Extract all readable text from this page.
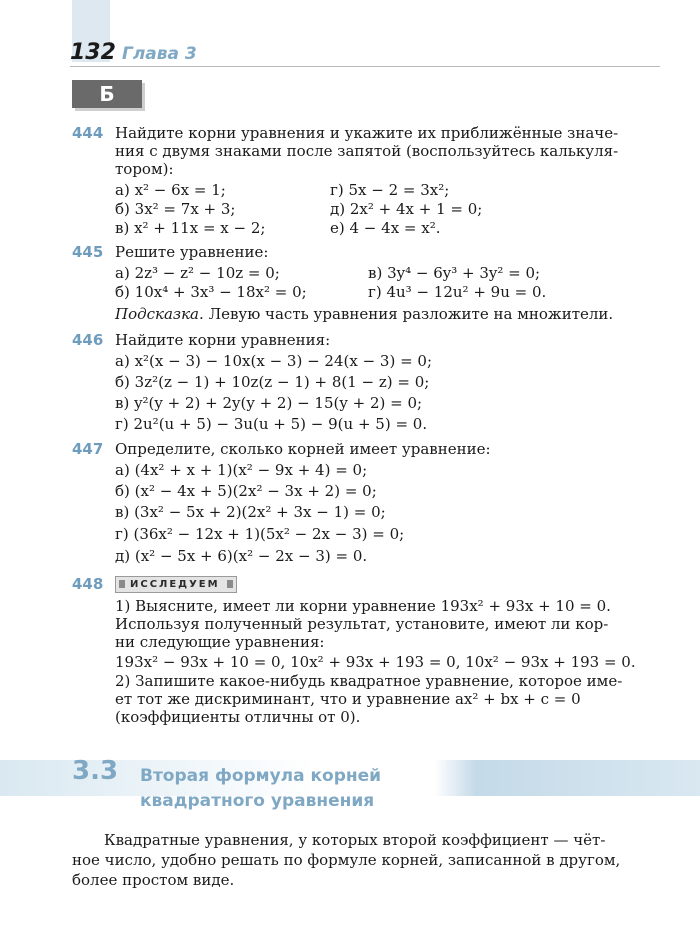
132 Глава 3
Б
444 Найдите корни уравнения и укажите их приближённые значе-
ния с двумя знаками после запятой (воспользуйтесь калькуля-
тором):
а) x² − 6x = 1;
б) 3x² = 7x + 3;
в) x² + 11x = x − 2;
г) 5x − 2 = 3x²;
д) 2x² + 4x + 1 = 0;
е) 4 − 4x = x².
445 Решите уравнение:
а) 2z³ − z² − 10z = 0;
б) 10x⁴ + 3x³ − 18x² = 0;
в) 3y⁴ − 6y³ + 3y² = 0;
г) 4u³ − 12u² + 9u = 0.
Подсказка. Левую часть уравнения разложите на множители.
446 Найдите корни уравнения:
а) x²(x − 3) − 10x(x − 3) − 24(x − 3) = 0;
б) 3z²(z − 1) + 10z(z − 1) + 8(1 − z) = 0;
в) y²(y + 2) + 2y(y + 2) − 15(y + 2) = 0;
г) 2u²(u + 5) − 3u(u + 5) − 9(u + 5) = 0.
447 Определите, сколько корней имеет уравнение:
а) (4x² + x + 1)(x² − 9x + 4) = 0;
б) (x² − 4x + 5)(2x² − 3x + 2) = 0;
в) (3x² − 5x + 2)(2x² + 3x − 1) = 0;
г) (36x² − 12x + 1)(5x² − 2x − 3) = 0;
д) (x² − 5x + 6)(x² − 2x − 3) = 0.
448	ИССЛЕДУЕМ
1) Выясните, имеет ли корни уравнение 193x² + 93x + 10 = 0.
Используя полученный результат, установите, имеют ли кор-
ни следующие уравнения:
193x² − 93x + 10 = 0, 10x² + 93x + 193 = 0, 10x² − 93x + 193 = 0.
2) Запишите какое-нибудь квадратное уравнение, которое име-
ет тот же дискриминант, что и уравнение ax² + bx + c = 0
(коэффициенты отличны от 0).
3.3 Вторая формула корней
квадратного уравнения
Квадратные уравнения, у которых второй коэффициент — чёт-
ное число, удобно решать по формуле корней, записанной в другом,
более простом виде.
